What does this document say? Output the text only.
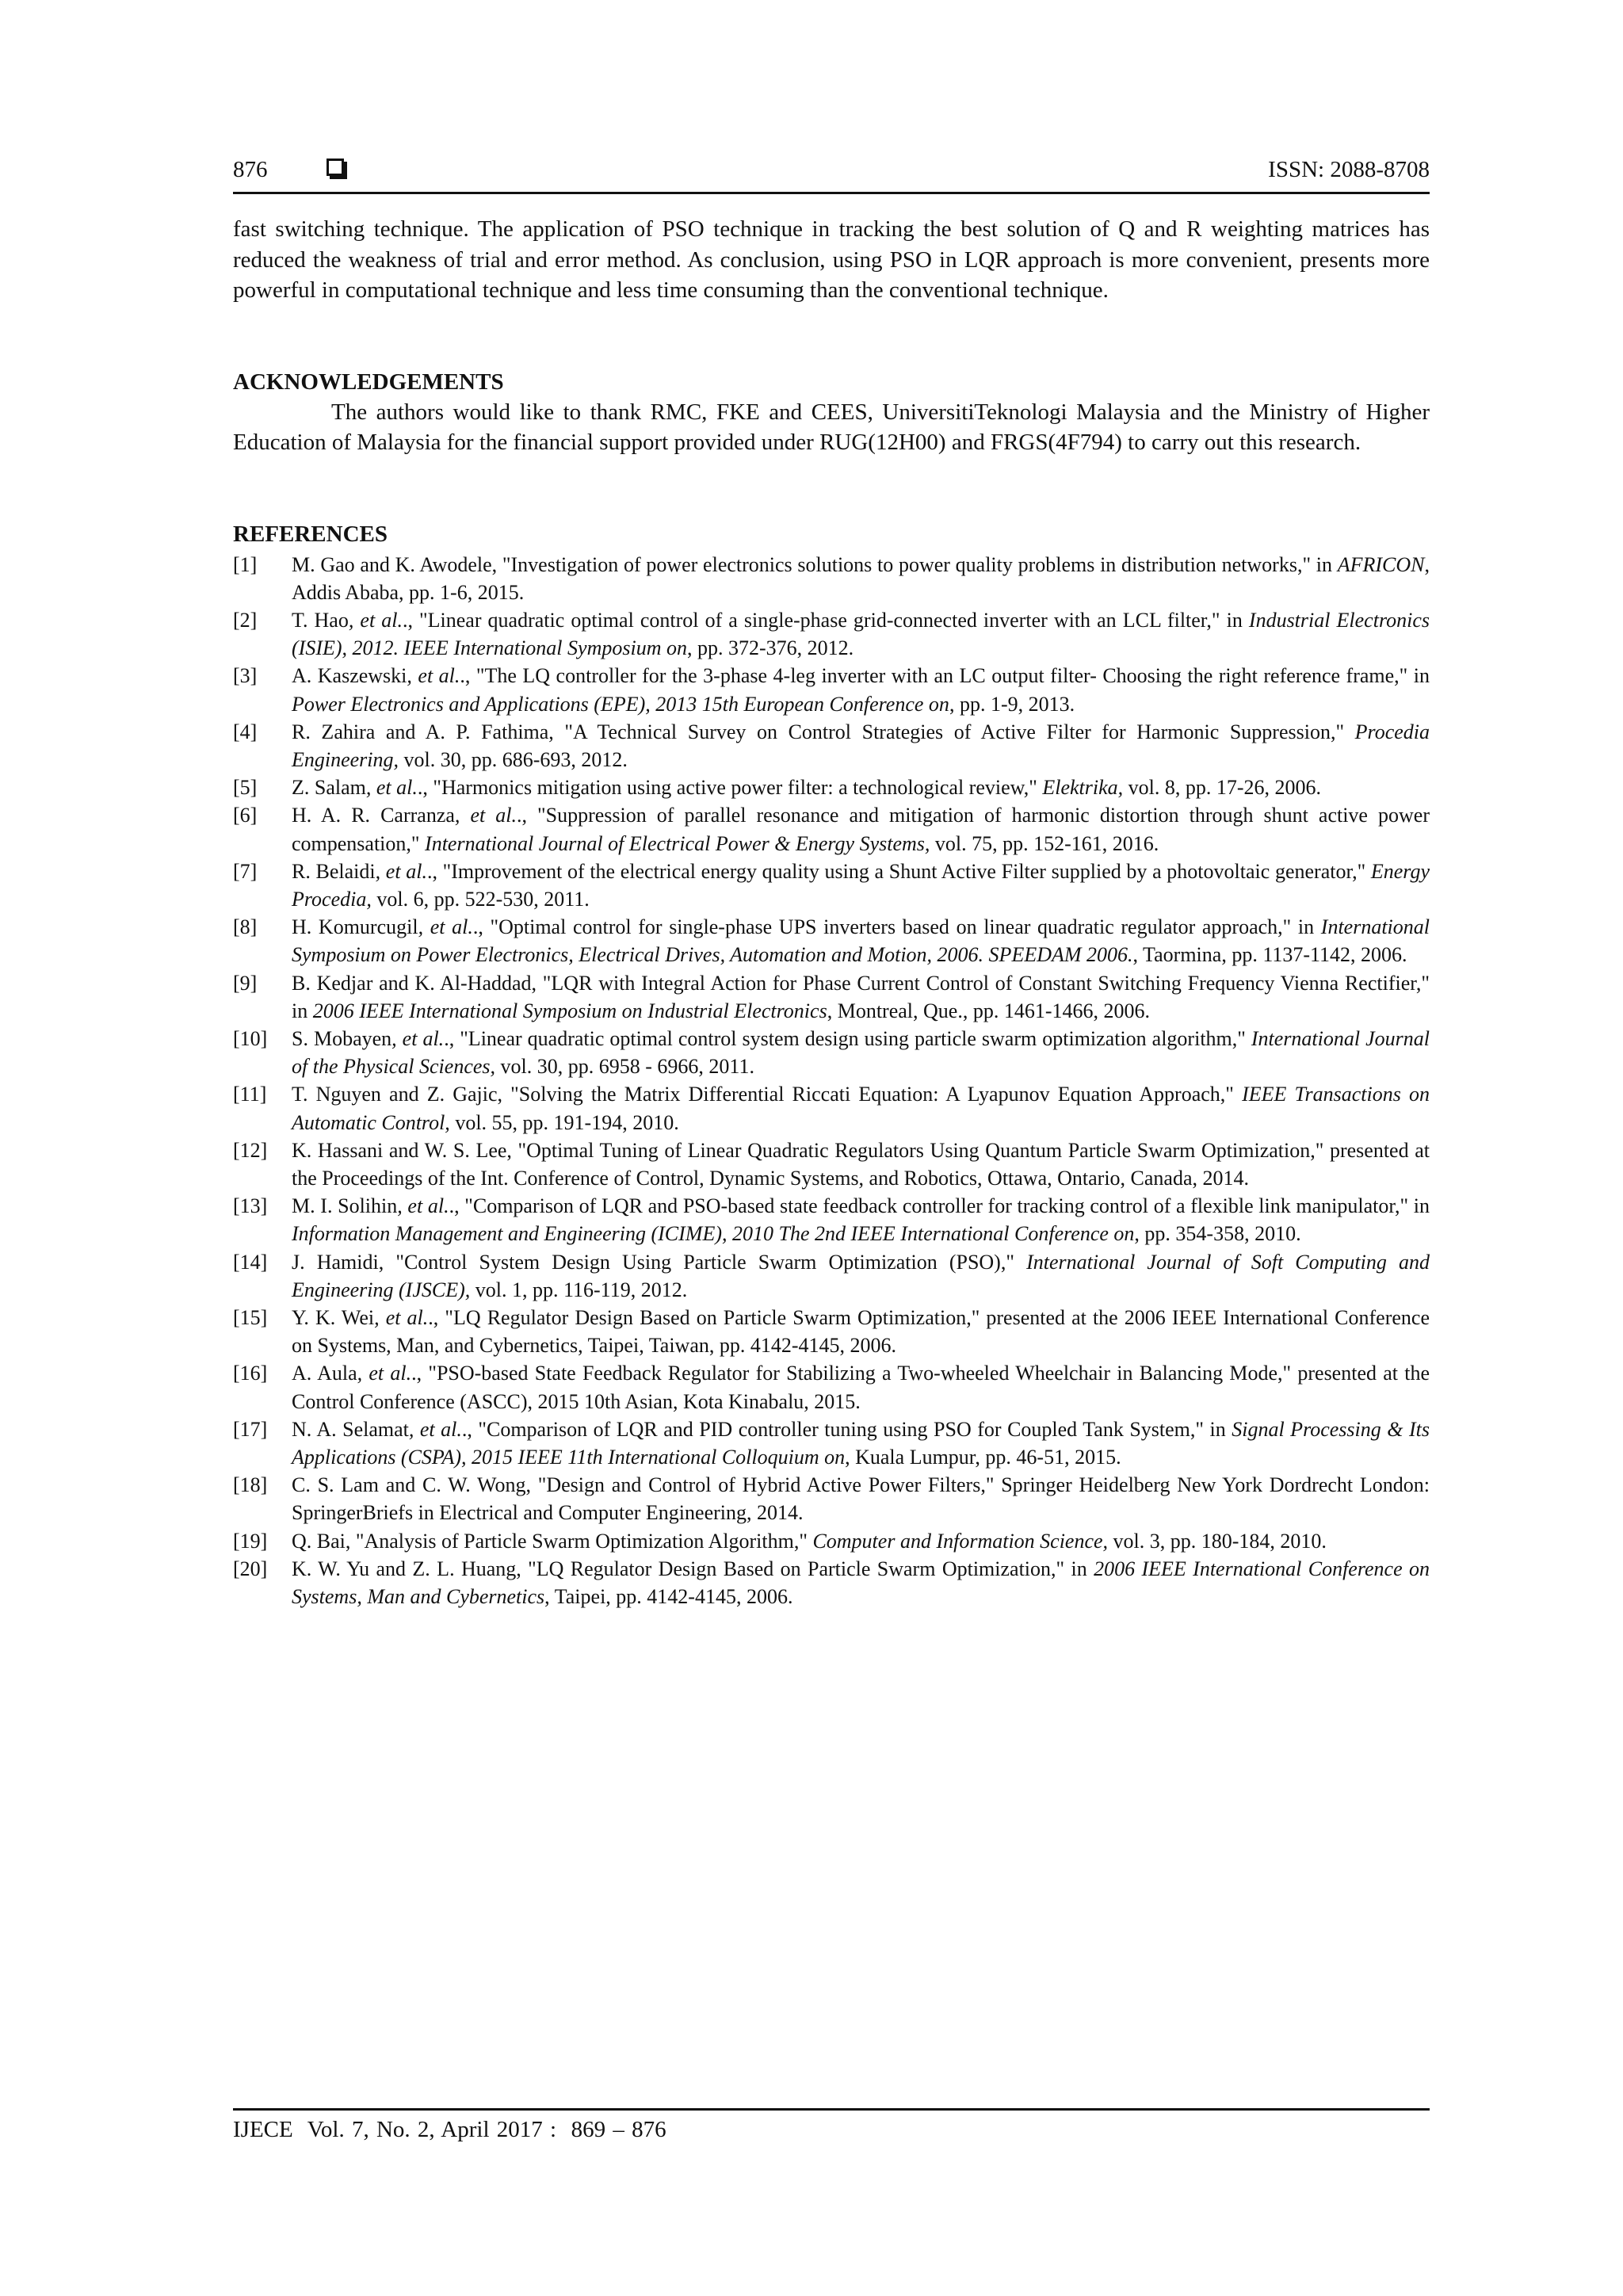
876	ISSN: 2088-8708

fast switching technique. The application of PSO technique in tracking the best solution of Q and R weighting matrices has reduced the weakness of trial and error method. As conclusion, using PSO in LQR approach is more convenient, presents more powerful in computational technique and less time consuming than the conventional technique.

ACKNOWLEDGEMENTS

The authors would like to thank RMC, FKE and CEES, UniversitiTeknologi Malaysia and the Ministry of Higher Education of Malaysia for the financial support provided under RUG(12H00) and FRGS(4F794) to carry out this research.

REFERENCES

[1]	M. Gao and K. Awodele, "Investigation of power electronics solutions to power quality problems in distribution networks," in AFRICON, Addis Ababa, pp. 1-6, 2015.
[2]	T. Hao, et al.., "Linear quadratic optimal control of a single-phase grid-connected inverter with an LCL filter," in Industrial Electronics (ISIE), 2012. IEEE International Symposium on, pp. 372-376, 2012.
[3]	A. Kaszewski, et al.., "The LQ controller for the 3-phase 4-leg inverter with an LC output filter- Choosing the right reference frame," in Power Electronics and Applications (EPE), 2013 15th European Conference on, pp. 1-9, 2013.
[4]	R. Zahira and A. P. Fathima, "A Technical Survey on Control Strategies of Active Filter for Harmonic Suppression," Procedia Engineering, vol. 30, pp. 686-693, 2012.
[5]	Z. Salam, et al.., "Harmonics mitigation using active power filter: a technological review," Elektrika, vol. 8, pp. 17-26, 2006.
[6]	H. A. R. Carranza, et al.., "Suppression of parallel resonance and mitigation of harmonic distortion through shunt active power compensation," International Journal of Electrical Power & Energy Systems, vol. 75, pp. 152-161, 2016.
[7]	R. Belaidi, et al.., "Improvement of the electrical energy quality using a Shunt Active Filter supplied by a photovoltaic generator," Energy Procedia, vol. 6, pp. 522-530, 2011.
[8]	H. Komurcugil, et al.., "Optimal control for single-phase UPS inverters based on linear quadratic regulator approach," in International Symposium on Power Electronics, Electrical Drives, Automation and Motion, 2006. SPEEDAM 2006., Taormina, pp. 1137-1142, 2006.
[9]	B. Kedjar and K. Al-Haddad, "LQR with Integral Action for Phase Current Control of Constant Switching Frequency Vienna Rectifier," in 2006 IEEE International Symposium on Industrial Electronics, Montreal, Que., pp. 1461-1466, 2006.
[10]	S. Mobayen, et al.., "Linear quadratic optimal control system design using particle swarm optimization algorithm," International Journal of the Physical Sciences, vol. 30, pp. 6958 - 6966, 2011.
[11]	T. Nguyen and Z. Gajic, "Solving the Matrix Differential Riccati Equation: A Lyapunov Equation Approach," IEEE Transactions on Automatic Control, vol. 55, pp. 191-194, 2010.
[12]	K. Hassani and W. S. Lee, "Optimal Tuning of Linear Quadratic Regulators Using Quantum Particle Swarm Optimization," presented at the Proceedings of the Int. Conference of Control, Dynamic Systems, and Robotics, Ottawa, Ontario, Canada, 2014.
[13]	M. I. Solihin, et al.., "Comparison of LQR and PSO-based state feedback controller for tracking control of a flexible link manipulator," in Information Management and Engineering (ICIME), 2010 The 2nd IEEE International Conference on, pp. 354-358, 2010.
[14]	J. Hamidi, "Control System Design Using Particle Swarm Optimization (PSO)," International Journal of Soft Computing and Engineering (IJSCE), vol. 1, pp. 116-119, 2012.
[15]	Y. K. Wei, et al.., "LQ Regulator Design Based on Particle Swarm Optimization," presented at the 2006 IEEE International Conference on Systems, Man, and Cybernetics, Taipei, Taiwan, pp. 4142-4145, 2006.
[16]	A. Aula, et al.., "PSO-based State Feedback Regulator for Stabilizing a Two-wheeled Wheelchair in Balancing Mode," presented at the Control Conference (ASCC), 2015 10th Asian, Kota Kinabalu, 2015.
[17]	N. A. Selamat, et al.., "Comparison of LQR and PID controller tuning using PSO for Coupled Tank System," in Signal Processing & Its Applications (CSPA), 2015 IEEE 11th International Colloquium on, Kuala Lumpur, pp. 46-51, 2015.
[18]	C. S. Lam and C. W. Wong, "Design and Control of Hybrid Active Power Filters," Springer Heidelberg New York Dordrecht London: SpringerBriefs in Electrical and Computer Engineering, 2014.
[19]	Q. Bai, "Analysis of Particle Swarm Optimization Algorithm," Computer and Information Science, vol. 3, pp. 180-184, 2010.
[20]	K. W. Yu and Z. L. Huang, "LQ Regulator Design Based on Particle Swarm Optimization," in 2006 IEEE International Conference on Systems, Man and Cybernetics, Taipei, pp. 4142-4145, 2006.
IJECE  Vol. 7, No. 2, April 2017 :  869 – 876
